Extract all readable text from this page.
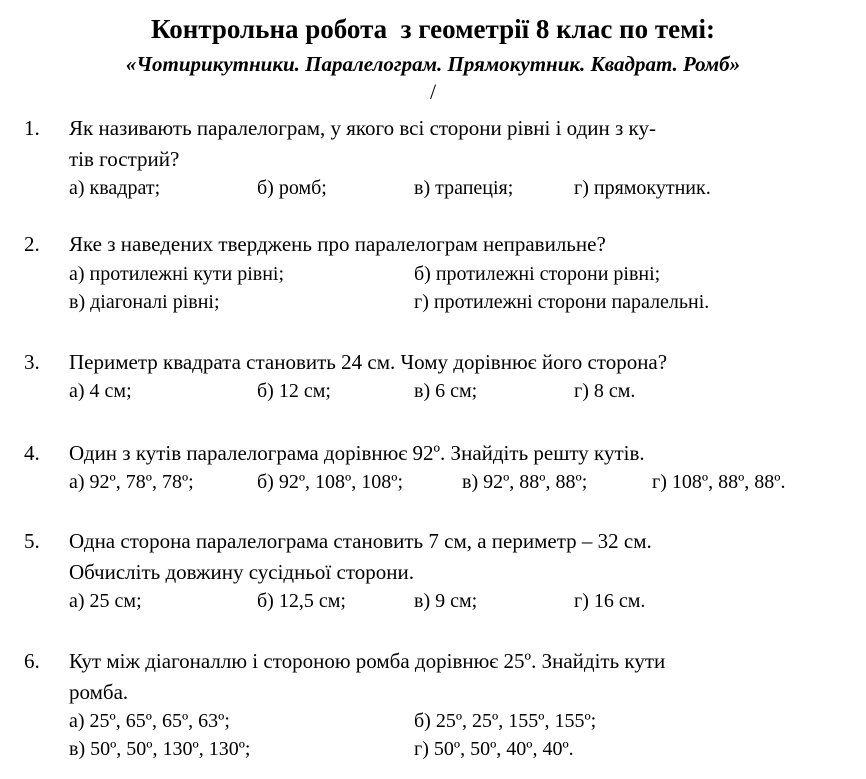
Контрольна робота  з геометрії 8 клас по темі:
«Чотирикутники. Паралелограм. Прямокутник. Квадрат. Ромб»
/
1. Як називають паралелограм, у якого всі сторони рівні і один з ку-
тів гострий?
а) квадрат;	б) ромб;	в) трапеція;	г) прямокутник.
2. Яке з наведених тверджень про паралелограм неправильне?
а) протилежні кути рівні;	б) протилежні сторони рівні;
в) діагоналі рівні;	г) протилежні сторони паралельні.
3. Периметр квадрата становить 24 см. Чому дорівнює його сторона?
а) 4 см;	б) 12 см;	в) 6 см;	г) 8 см.
4. Один з кутів паралелограма дорівнює 92º. Знайдіть решту кутів.
а) 92º, 78º, 78º;	б) 92º, 108º, 108º;	в) 92º, 88º, 88º;	г) 108º, 88º, 88º.
5. Одна сторона паралелограма становить 7 см, а периметр – 32 см.
Обчисліть довжину сусідньої сторони.
а) 25 см;	б) 12,5 см;	в) 9 см;	г) 16 см.
6. Кут між діагоналлю і стороною ромба дорівнює 25º. Знайдіть кути
ромба.
а) 25º, 65º, 65º, 63º;	б) 25º, 25º, 155º, 155º;
в) 50º, 50º, 130º, 130º;	г) 50º, 50º, 40º, 40º.
